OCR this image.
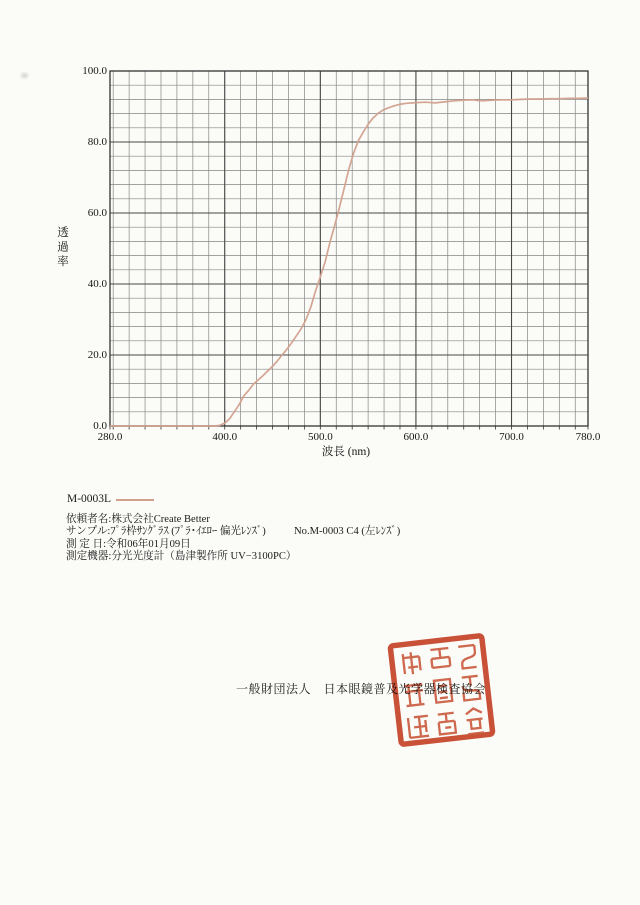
0.0
20.0
40.0
60.0
80.0
100.0
280.0	400.0	500.0	600.0	700.0	780.0
透過率
波長 (nm)
M-0003L
依頼者名:株式会社Create Better
サンプル:ﾌﾟﾗ枠ｻﾝｸﾞﾗｽ (ﾌﾟﾗ･ｲｴﾛｰ 偏光ﾚﾝｽﾞ)	No.M-0003 C4 (左ﾚﾝｽﾞ)
測 定 日:令和06年01月09日
測定機器:分光光度計（島津製作所 UV−3100PC）
一般財団法人　日本眼鏡普及光学器検査協会
